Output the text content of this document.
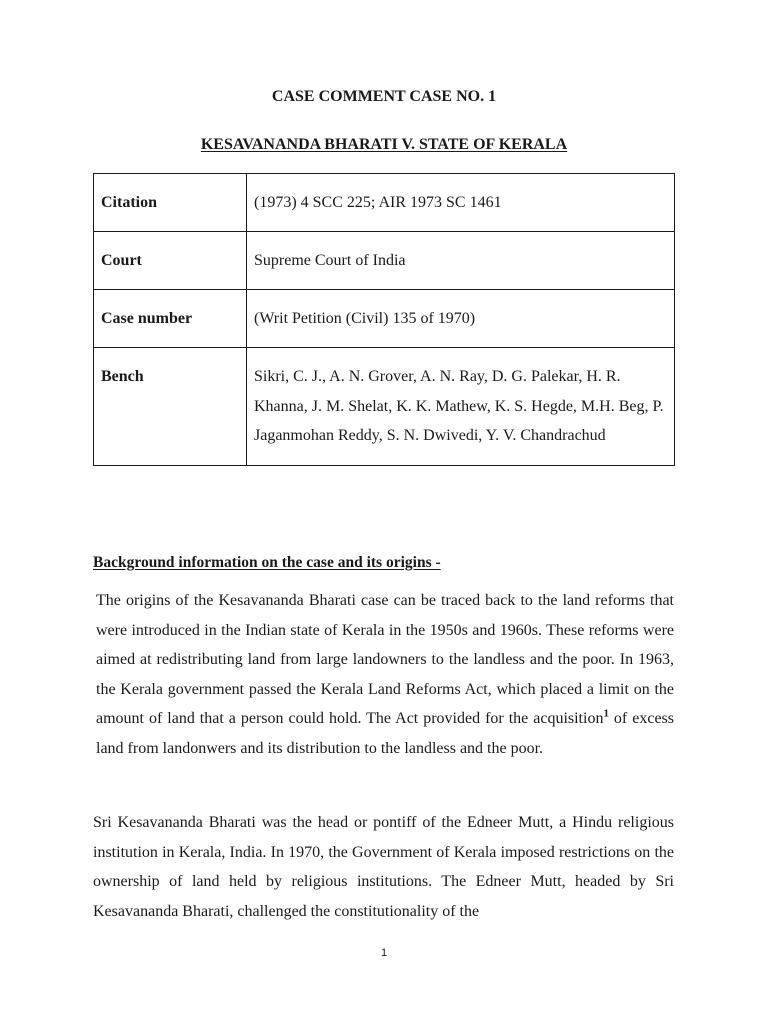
CASE COMMENT CASE NO. 1
KESAVANANDA BHARATI V. STATE OF KERALA
Citation	(1973) 4 SCC 225; AIR 1973 SC 1461

Court	Supreme Court of India

Case number	(Writ Petition (Civil) 135 of 1970)

Bench	Sikri, C. J., A. N. Grover, A. N. Ray, D. G. Palekar, H. R. Khanna, J. M. Shelat, K. K. Mathew, K. S. Hegde, M.H. Beg, P. Jaganmohan Reddy, S. N. Dwivedi, Y. V. Chandrachud
Background information on the case and its origins -

The origins of the Kesavananda Bharati case can be traced back to the land reforms that were introduced in the Indian state of Kerala in the 1950s and 1960s. These reforms were aimed at redistributing land from large landowners to the landless and the poor. In 1963, the Kerala government passed the Kerala Land Reforms Act, which placed a limit on the amount of land that a person could hold. The Act provided for the acquisition$^1$ of excess land from landonwers and its distribution to the landless and the poor.

Sri Kesavananda Bharati was the head or pontiff of the Edneer Mutt, a Hindu religious institution in Kerala, India. In 1970, the Government of Kerala imposed restrictions on the ownership of land held by religious institutions. The Edneer Mutt, headed by Sri Kesavananda Bharati, challenged the constitutionality of the

1
